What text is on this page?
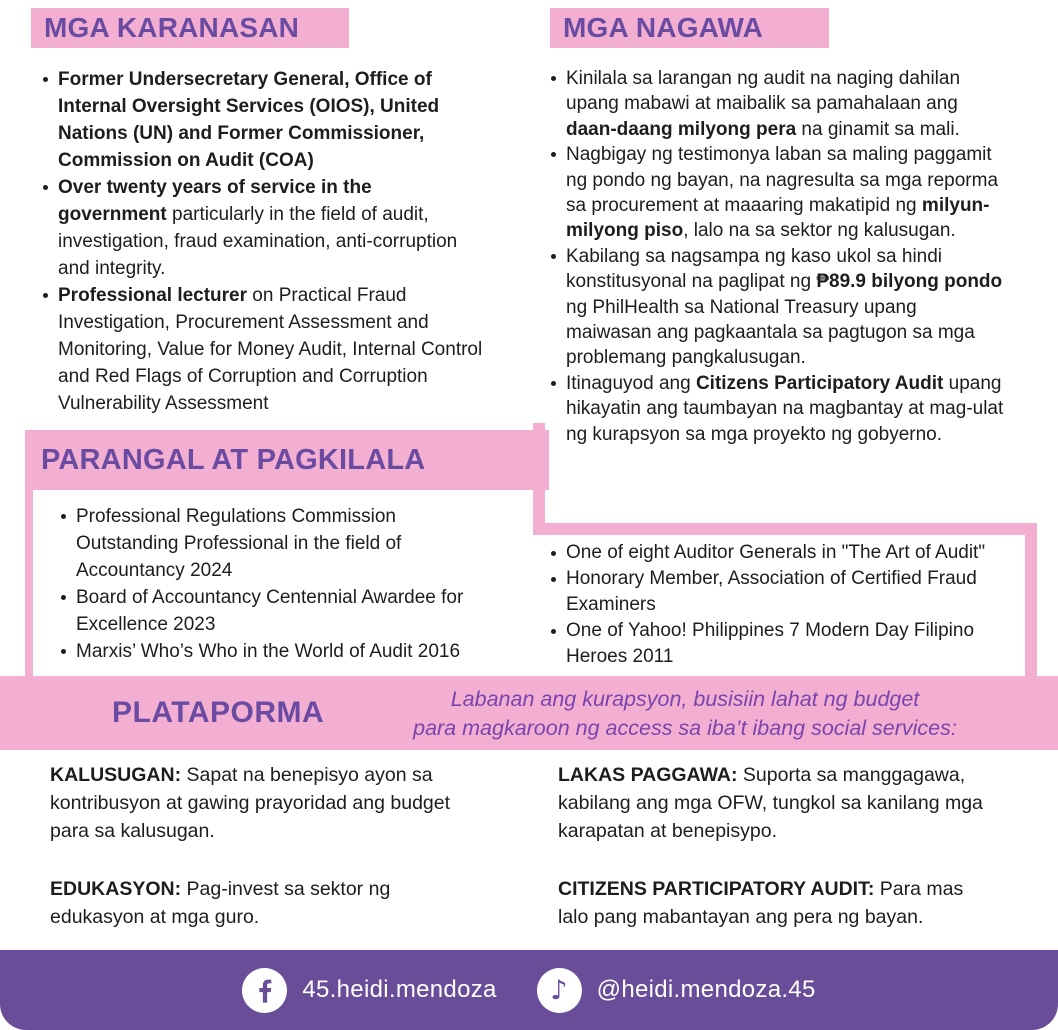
MGA KARANASAN	MGA NAGAWA
Former Undersecretary General, Office of Internal Oversight Services (OIOS), United Nations (UN) and Former Commissioner, Commission on Audit (COA)
Over twenty years of service in the government particularly in the field of audit, investigation, fraud examination, anti-corruption and integrity.
Professional lecturer on Practical Fraud Investigation, Procurement Assessment and Monitoring, Value for Money Audit, Internal Control and Red Flags of Corruption and Corruption Vulnerability Assessment
Kinilala sa larangan ng audit na naging dahilan upang mabawi at maibalik sa pamahalaan ang daan-daang milyong pera na ginamit sa mali.
Nagbigay ng testimonya laban sa maling paggamit ng pondo ng bayan, na nagresulta sa mga reporma sa procurement at maaaring makatipid ng milyun-milyong piso, lalo na sa sektor ng kalusugan.
Kabilang sa nagsampa ng kaso ukol sa hindi konstitusyonal na paglipat ng ₱89.9 bilyong pondo ng PhilHealth sa National Treasury upang maiwasan ang pagkaantala sa pagtugon sa mga problemang pangkalusugan.
Itinaguyod ang Citizens Participatory Audit upang hikayatin ang taumbayan na magbantay at mag-ulat ng kurapsyon sa mga proyekto ng gobyerno.
PARANGAL AT PAGKILALA
Professional Regulations Commission Outstanding Professional in the field of Accountancy 2024
Board of Accountancy Centennial Awardee for Excellence 2023
Marxis’ Who’s Who in the World of Audit 2016
One of eight Auditor Generals in "The Art of Audit"
Honorary Member, Association of Certified Fraud Examiners
One of Yahoo! Philippines 7 Modern Day Filipino Heroes 2011
PLATAPORMA	Labanan ang kurapsyon, busisiin lahat ng budget
para magkaroon ng access sa iba’t ibang social services:
KALUSUGAN: Sapat na benepisyo ayon sa kontribusyon at gawing prayoridad ang budget para sa kalusugan.
EDUKASYON: Pag-invest sa sektor ng edukasyon at mga guro.
LAKAS PAGGAWA: Suporta sa manggagawa, kabilang ang mga OFW, tungkol sa kanilang mga karapatan at benepisypo.
CITIZENS PARTICIPATORY AUDIT: Para mas lalo pang mabantayan ang pera ng bayan.
45.heidi.mendoza ♪ @heidi.mendoza.45
